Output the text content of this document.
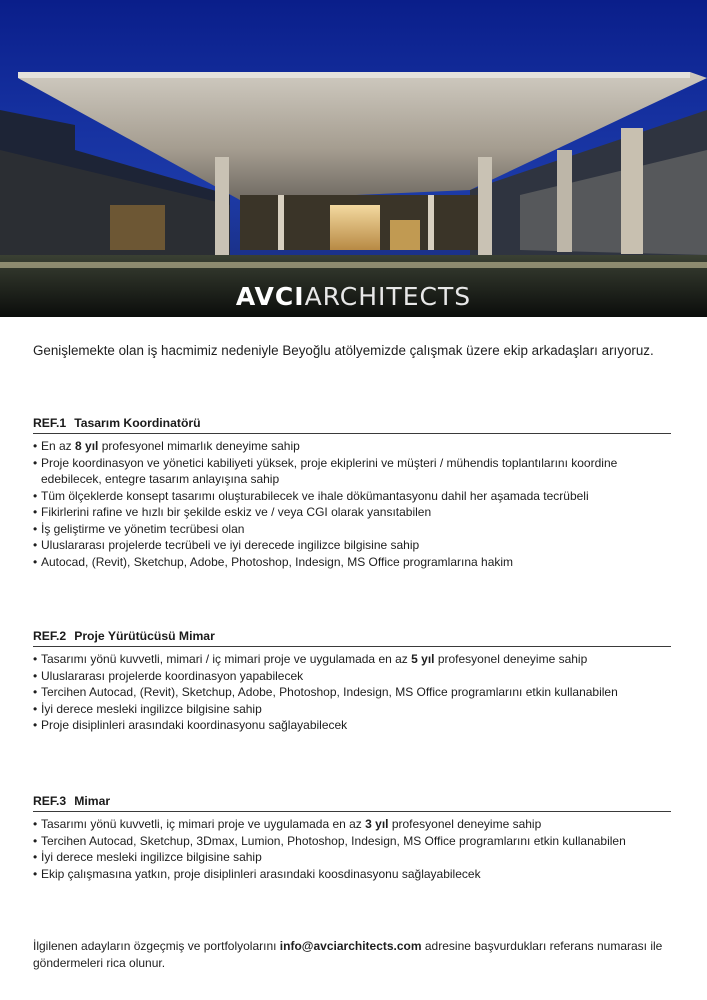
AVCIARCHITECTS

Genişlemekte olan iş hacmimiz nedeniyle Beyoğlu atölyemizde çalışmak üzere ekip arkadaşları arıyoruz.

REF.1 Tasarım Koordinatörü
• En az 8 yıl profesyonel mimarlık deneyime sahip
• Proje koordinasyon ve yönetici kabiliyeti yüksek, proje ekiplerini ve müşteri / mühendis toplantılarını koordine edebilecek, entegre tasarım anlayışına sahip
• Tüm ölçeklerde konsept tasarımı oluşturabilecek ve ihale dökümantasyonu dahil her aşamada tecrübeli
• Fikirlerini rafine ve hızlı bir şekilde eskiz ve / veya CGI olarak yansıtabilen
• İş geliştirme ve yönetim tecrübesi olan
• Uluslararası projelerde tecrübeli ve iyi derecede ingilizce bilgisine sahip
• Autocad, (Revit), Sketchup, Adobe, Photoshop, Indesign, MS Office programlarına hakim
REF.2 Proje Yürütücüsü Mimar
• Tasarımı yönü kuvvetli, mimari / iç mimari proje ve uygulamada en az 5 yıl profesyonel deneyime sahip
• Uluslararası projelerde koordinasyon yapabilecek
• Tercihen Autocad, (Revit), Sketchup, Adobe, Photoshop, Indesign, MS Office programlarını etkin kullanabilen
• İyi derece mesleki ingilizce bilgisine sahip
• Proje disiplinleri arasındaki koordinasyonu sağlayabilecek
REF.3 Mimar
• Tasarımı yönü kuvvetli, iç mimari proje ve uygulamada en az 3 yıl profesyonel deneyime sahip
• Tercihen Autocad, Sketchup, 3Dmax, Lumion, Photoshop, Indesign, MS Office programlarını etkin kullanabilen
• İyi derece mesleki ingilizce bilgisine sahip
• Ekip çalışmasına yatkın, proje disiplinleri arasındaki koosdinasyonu sağlayabilecek

İlgilenen adayların özgeçmiş ve portfolyolarını info@avciarchitects.com adresine başvurdukları referans numarası ile göndermeleri rica olunur.
